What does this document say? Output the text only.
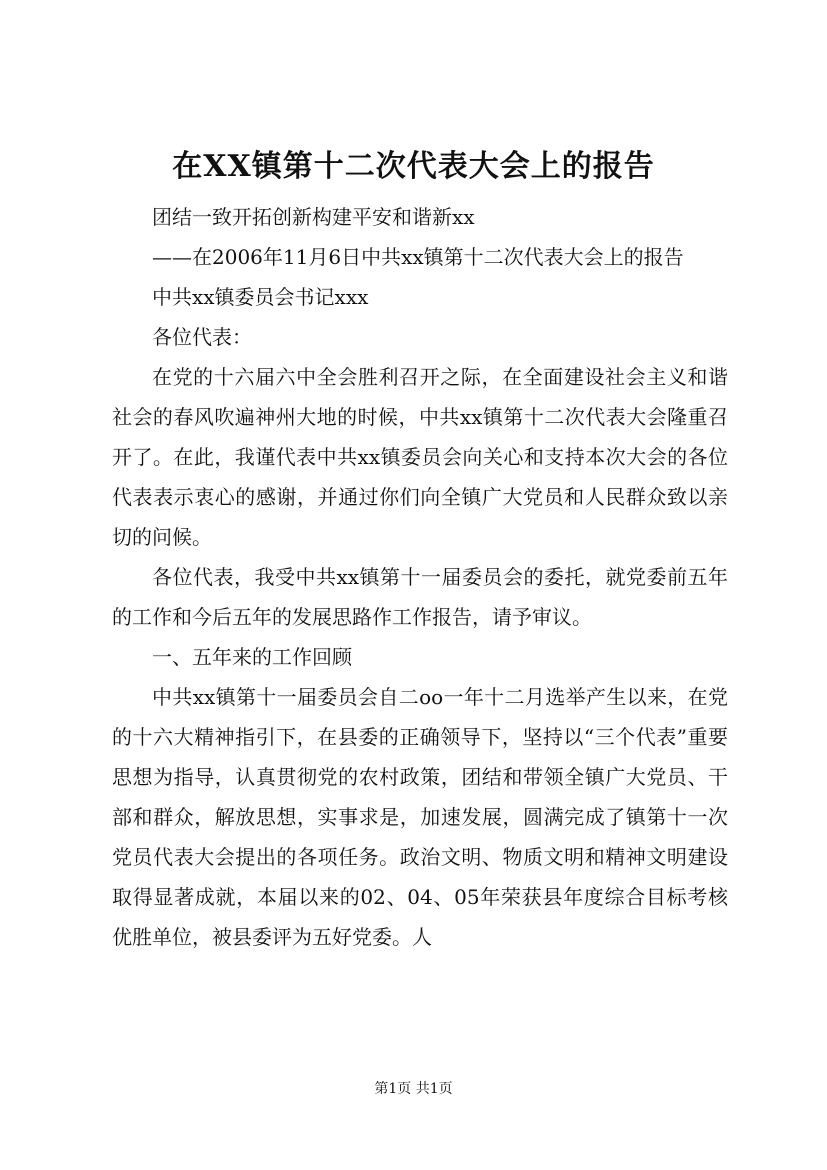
在XX镇第十二次代表大会上的报告

团结一致开拓创新构建平安和谐新xx

——在2006年11月6日中共xx镇第十二次代表大会上的报告

中共xx镇委员会书记xxx

各位代表：

在党的十六届六中全会胜利召开之际，在全面建设社会主义和谐社会的春风吹遍神州大地的时候，中共xx镇第十二次代表大会隆重召开了。在此，我谨代表中共xx镇委员会向关心和支持本次大会的各位代表表示衷心的感谢，并通过你们向全镇广大党员和人民群众致以亲切的问候。

各位代表，我受中共xx镇第十一届委员会的委托，就党委前五年的工作和今后五年的发展思路作工作报告，请予审议。

一、五年来的工作回顾

中共xx镇第十一届委员会自二oo一年十二月选举产生以来，在党的十六大精神指引下，在县委的正确领导下，坚持以“三个代表”重要思想为指导，认真贯彻党的农村政策，团结和带领全镇广大党员、干部和群众，解放思想，实事求是，加速发展，圆满完成了镇第十一次党员代表大会提出的各项任务。政治文明、物质文明和精神文明建设取得显著成就，本届以来的02、04、05年荣获县年度综合目标考核优胜单位，被县委评为五好党委。人

第1页 共1页
